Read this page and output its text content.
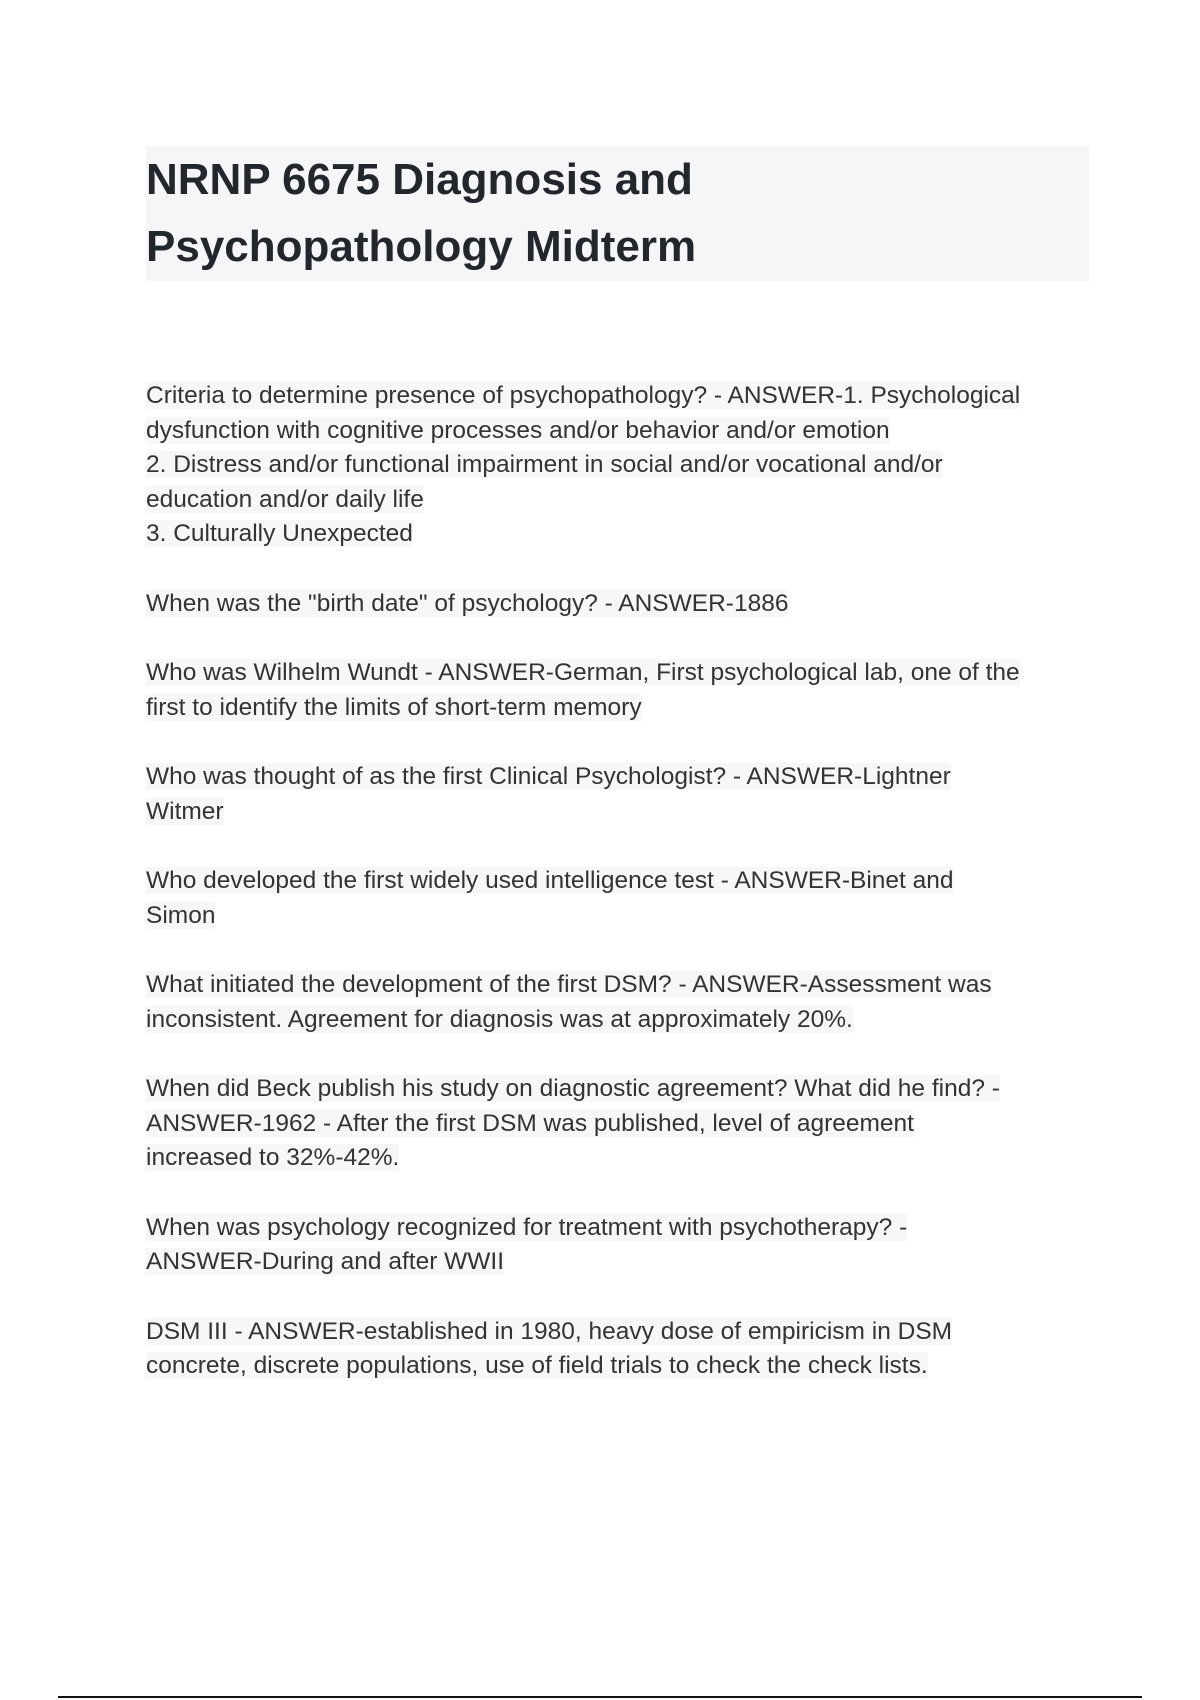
NRNP 6675 Diagnosis and
Psychopathology Midterm

Criteria to determine presence of psychopathology? - ANSWER-1. Psychological
dysfunction with cognitive processes and/or behavior and/or emotion
2. Distress and/or functional impairment in social and/or vocational and/or
education and/or daily life
3. Culturally Unexpected

When was the "birth date" of psychology? - ANSWER-1886

Who was Wilhelm Wundt - ANSWER-German, First psychological lab, one of the
first to identify the limits of short-term memory

Who was thought of as the first Clinical Psychologist? - ANSWER-Lightner
Witmer

Who developed the first widely used intelligence test - ANSWER-Binet and
Simon

What initiated the development of the first DSM? - ANSWER-Assessment was
inconsistent. Agreement for diagnosis was at approximately 20%.

When did Beck publish his study on diagnostic agreement? What did he find? -
ANSWER-1962 - After the first DSM was published, level of agreement
increased to 32%-42%.

When was psychology recognized for treatment with psychotherapy? -
ANSWER-During and after WWII

DSM III - ANSWER-established in 1980, heavy dose of empiricism in DSM
concrete, discrete populations, use of field trials to check the check lists.
